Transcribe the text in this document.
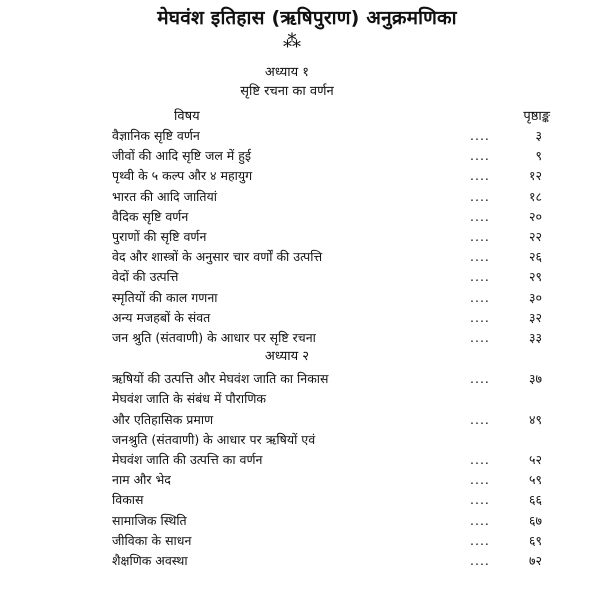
मेघवंश इतिहास (ऋषिपुराण) अनुक्रमणिका
⁂
अध्याय १
सृष्टि रचना का वर्णन
विषय	पृष्ठाङ्क
वैज्ञानिक सृष्टि वर्णन	....	३
जीवों की आदि सृष्टि जल में हुई	....	९
पृथ्वी के ५ कल्प और ४ महायुग	....	१२
भारत की आदि जातियां	....	१८
वैदिक सृष्टि वर्णन	....	२०
पुराणों की सृष्टि वर्णन	....	२२
वेद और शास्त्रों के अनुसार चार वर्णों की उत्पत्ति	....	२६
वेदों की उत्पत्ति	....	२९
स्मृतियों की काल गणना	....	३०
अन्य मजहबों के संवत	....	३२
जन श्रुति (संतवाणी) के आधार पर सृष्टि रचना	....	३३
अध्याय २
ऋषियों की उत्पत्ति और मेघवंश जाति का निकास	....	३७
मेघवंश जाति के संबंध में पौराणिक
और एतिहासिक प्रमाण	....	४९
जनश्रुति (संतवाणी) के आधार पर ऋषियों एवं
मेघवंश जाति की उत्पत्ति का वर्णन	....	५२
नाम और भेद	....	५९
विकास	....	६६
सामाजिक स्थिति	....	६७
जीविका के साधन	....	६९
शैक्षणिक अवस्था	....	७२
